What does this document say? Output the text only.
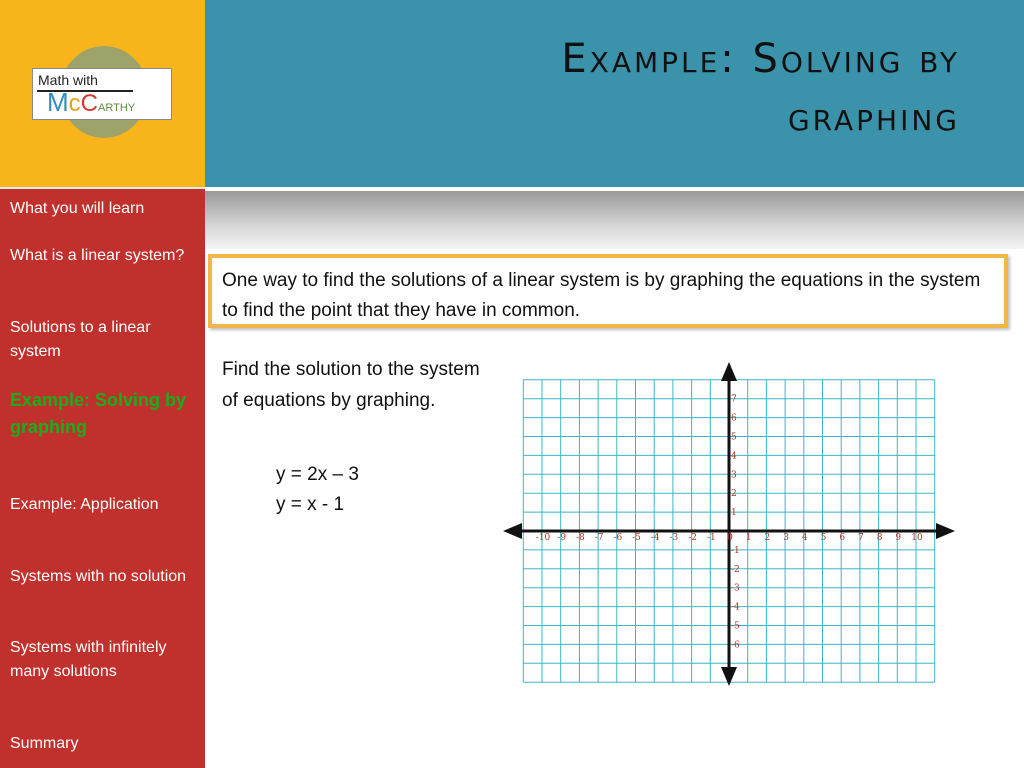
Math with
McCARTHY
Example: Solving by
graphing
What you will learn
What is a linear system?
Solutions to a linear system
Example: Solving by graphing
Example: Application
Systems with no solution
Systems with infinitely many solutions
Summary
One way to find the solutions of a linear system is by graphing the equations in the system to find the point that they have in common.
Find the solution to the system of equations by graphing.
y = 2x – 3
y = x - 1
-10 -9 -8 -7 -6 -5 -4 -3 -2 -1 0 1 2 3 4 5 6 7 8 9 10
7
6
5
4
3
2
1
-1
-2
-3
-4
-5
-6
